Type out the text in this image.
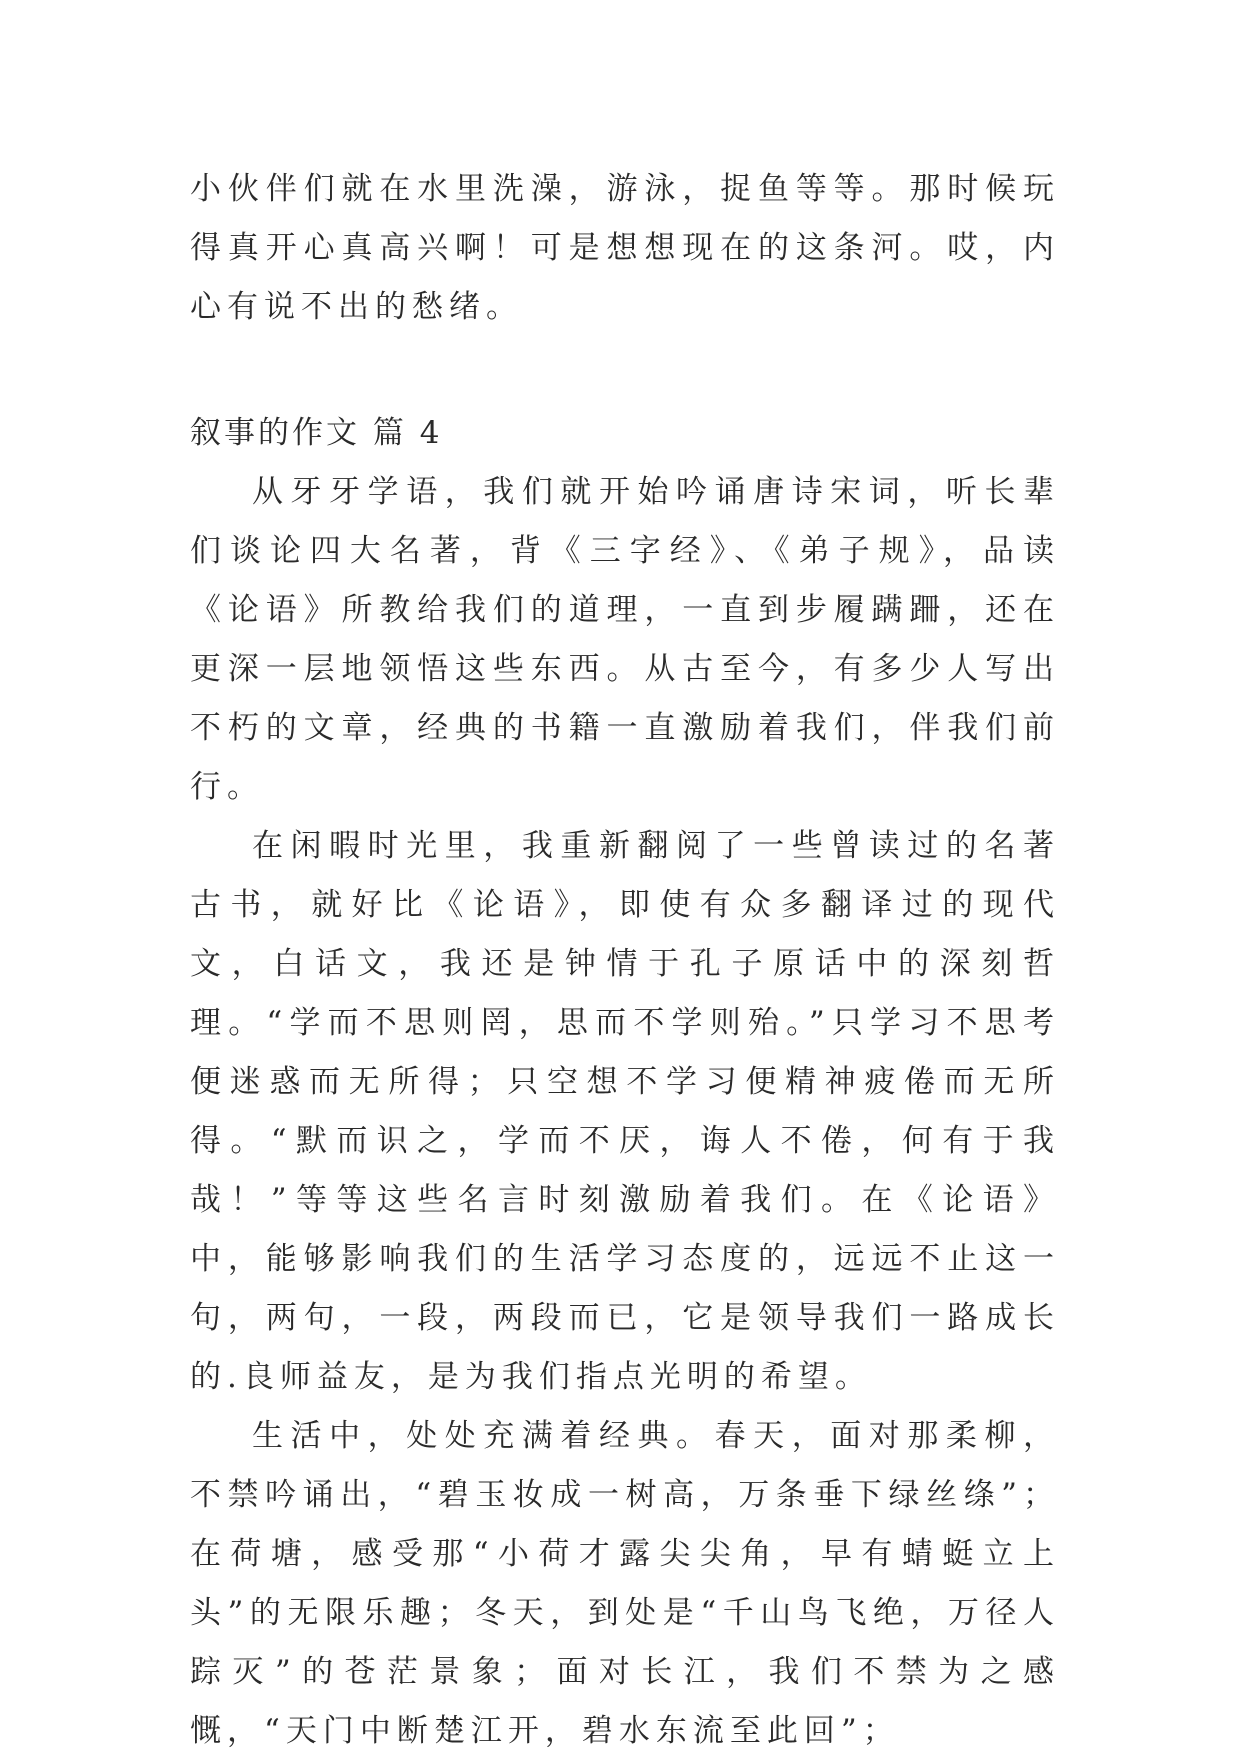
小伙伴们就在水里洗澡，游泳，捉鱼等等。那时候玩得真开心真高兴啊！可是想想现在的这条河。哎，内心有说不出的愁绪。

叙事的作文 篇 4

从牙牙学语，我们就开始吟诵唐诗宋词，听长辈们谈论四大名著，背《三字经》、《弟子规》，品读《论语》所教给我们的道理，一直到步履蹒跚，还在更深一层地领悟这些东西。从古至今，有多少人写出不朽的文章，经典的书籍一直激励着我们，伴我们前行。

在闲暇时光里，我重新翻阅了一些曾读过的名著古书，就好比《论语》，即使有众多翻译过的现代文，白话文，我还是钟情于孔子原话中的深刻哲理。“学而不思则罔，思而不学则殆。”只学习不思考便迷惑而无所得；只空想不学习便精神疲倦而无所得。“默而识之，学而不厌，诲人不倦，何有于我哉！”等等这些名言时刻激励着我们。在《论语》中，能够影响我们的生活学习态度的，远远不止这一句，两句，一段，两段而已，它是领导我们一路成长的.良师益友，是为我们指点光明的希望。

生活中，处处充满着经典。春天，面对那柔柳，不禁吟诵出，“碧玉妆成一树高，万条垂下绿丝绦”；在荷塘，感受那“小荷才露尖尖角，早有蜻蜓立上头”的无限乐趣；冬天，到处是“千山鸟飞绝，万径人踪灭”的苍茫景象；面对长江，我们不禁为之感慨，“天门中断楚江开，碧水东流至此回”；
